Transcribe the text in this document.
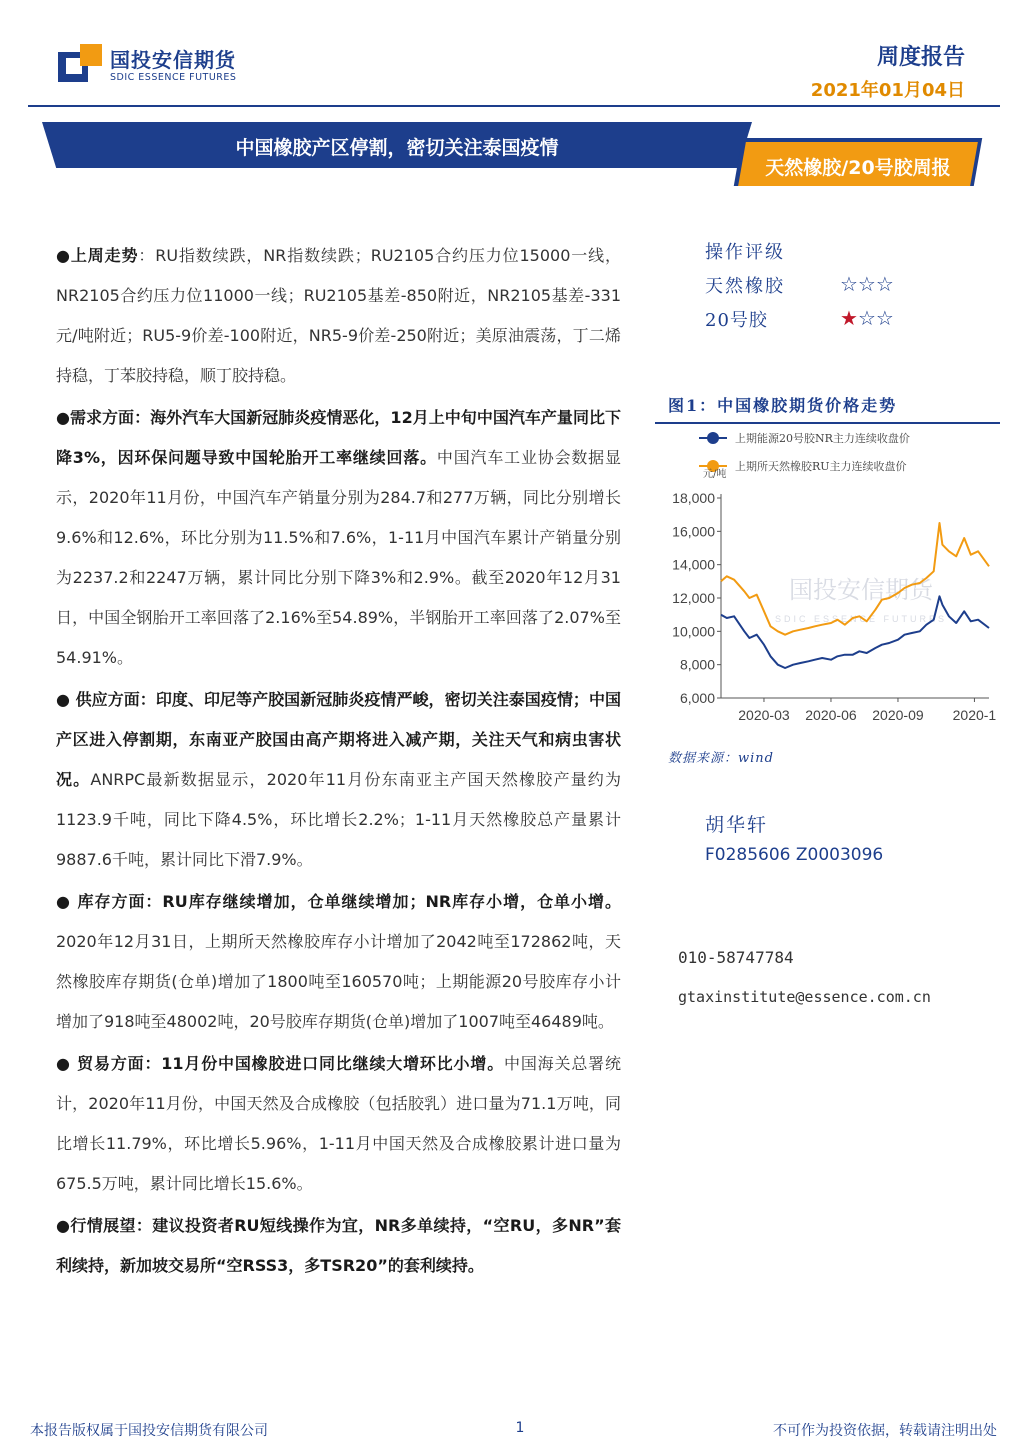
国投安信期货
SDIC ESSENCE FUTURES
周度报告
2021年01月04日
中国橡胶产区停割，密切关注泰国疫情
天然橡胶/20号胶周报

●上周走势：RU指数续跌，NR指数续跌；RU2105合约压力位15000一线，NR2105合约压力位11000一线；RU2105基差-850附近，NR2105基差-331元/吨附近；RU5-9价差-100附近，NR5-9价差-250附近；美原油震荡，丁二烯持稳，丁苯胶持稳，顺丁胶持稳。

●需求方面：海外汽车大国新冠肺炎疫情恶化，12月上中旬中国汽车产量同比下降3%，因环保问题导致中国轮胎开工率继续回落。中国汽车工业协会数据显示，2020年11月份，中国汽车产销量分别为284.7和277万辆，同比分别增长9.6%和12.6%，环比分别为11.5%和7.6%，1-11月中国汽车累计产销量分别为2237.2和2247万辆，累计同比分别下降3%和2.9%。截至2020年12月31日，中国全钢胎开工率回落了2.16%至54.89%，半钢胎开工率回落了2.07%至54.91%。

● 供应方面：印度、印尼等产胶国新冠肺炎疫情严峻，密切关注泰国疫情；中国产区进入停割期，东南亚产胶国由高产期将进入减产期，关注天气和病虫害状况。ANRPC最新数据显示，2020年11月份东南亚主产国天然橡胶产量约为1123.9千吨，同比下降4.5%，环比增长2.2%；1-11月天然橡胶总产量累计9887.6千吨，累计同比下滑7.9%。

● 库存方面：RU库存继续增加，仓单继续增加；NR库存小增，仓单小增。2020年12月31日，上期所天然橡胶库存小计增加了2042吨至172862吨，天然橡胶库存期货(仓单)增加了1800吨至160570吨；上期能源20号胶库存小计增加了918吨至48002吨，20号胶库存期货(仓单)增加了1007吨至46489吨。

● 贸易方面：11月份中国橡胶进口同比继续大增环比小增。中国海关总署统计，2020年11月份，中国天然及合成橡胶（包括胶乳）进口量为71.1万吨，同比增长11.79%，环比增长5.96%，1-11月中国天然及合成橡胶累计进口量为675.5万吨，累计同比增长15.6%。

●行情展望：建议投资者RU短线操作为宜，NR多单续持，“空RU，多NR”套利续持，新加坡交易所“空RSS3，多TSR20”的套利续持。

操作评级
天然橡胶	☆☆☆
20号胶	★☆☆
图1：中国橡胶期货价格走势
国投安信期货
SDIC ESSENCE FUTURES
上期能源20号胶NR主力连续收盘价
上期所天然橡胶RU主力连续收盘价
元/吨
6,000
8,000
10,000
12,000
14,000
16,000
18,000
2020-03 2020-06 2020-09 2020-1
数据来源：wind
胡华轩
F0285606 Z0003096
010-58747784
gtaxinstitute@essence.com.cn
本报告版权属于国投安信期货有限公司	1	不可作为投资依据，转载请注明出处
